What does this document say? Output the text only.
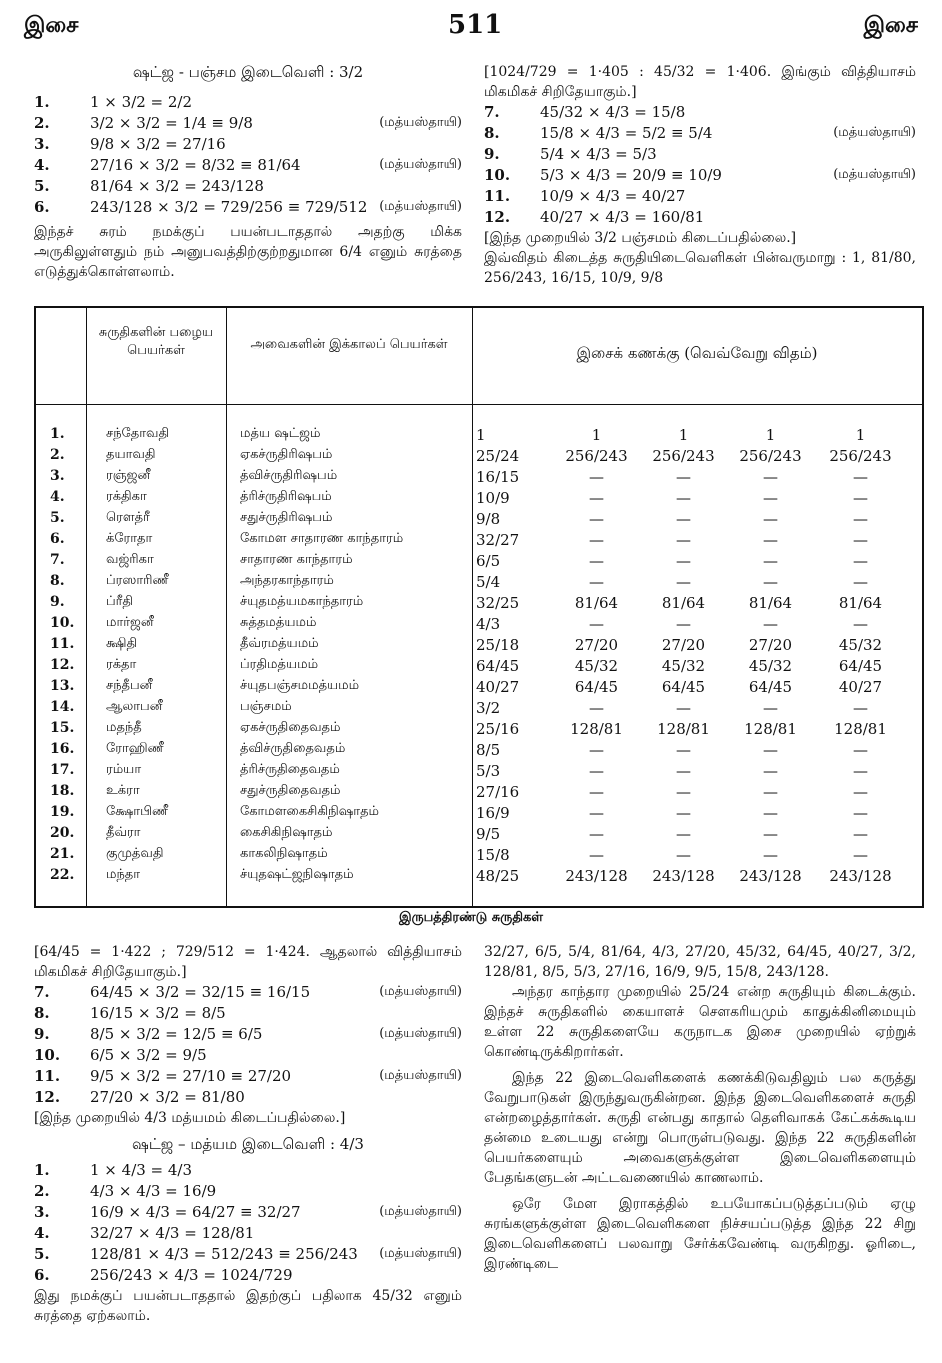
இசை	511	இசை
ஷட்ஜ - பஞ்சம இடைவெளி : 3/2
1.	1 × 3/2 = 2/2
2.	3/2 × 3/2 = 1/4 ≡ 9/8	(மத்யஸ்தாயி)
3.	9/8 × 3/2 = 27/16
4.	27/16 × 3/2 = 8/32 ≡ 81/64	(மத்யஸ்தாயி)
5.	81/64 × 3/2 = 243/128
6.	243/128 × 3/2 = 729/256 ≡ 729/512 (மத்யஸ்தாயி)
இந்தச் சுரம் நமக்குப் பயன்படாததால் அதற்கு மிக்க அருகிலுள்ளதும் நம் அனுபவத்திற்குற்றதுமான 6/4 எனும் சுரத்தை எடுத்துக்கொள்ளலாம்.
[1024/729 = 1·405 : 45/32 = 1·406. இங்கும் வித்தியாசம் மிகமிகச் சிறிதேயாகும்.]
7.	45/32 × 4/3 = 15/8
8.	15/8 × 4/3 = 5/2 ≡ 5/4	(மத்யஸ்தாயி)
9.	5/4 × 4/3 = 5/3
10. 5/3 × 4/3 = 20/9 ≡ 10/9	(மத்யஸ்தாயி)
11. 10/9 × 4/3 = 40/27
12. 40/27 × 4/3 = 160/81
[இந்த முறையில் 3/2 பஞ்சமம் கிடைப்பதில்லை.]
இவ்விதம் கிடைத்த சுருதியிடைவெளிகள் பின்வருமாறு : 1, 81/80, 256/243, 16/15, 10/9, 9/8
சுருதிகளின் பழைய பெயர்கள்	அவைகளின் இக்காலப் பெயர்கள்	இசைக் கணக்கு (வெவ்வேறு விதம்)
1.	சந்தோவதி	மத்ய ஷட்ஜம்	1	1	1	1	1
2.	தயாவதி	ஏகச்ருதிரிஷபம்	25/24	256/243	256/243	256/243	256/243
3.	ரஞ்ஜனீ	த்விச்ருதிரிஷபம்	16/15	—	—	—	—
4.	ரக்திகா	த்ரிச்ருதிரிஷபம்	10/9	—	—	—	—
5.	ரௌத்ரீ	சதுச்ருதிரிஷபம்	9/8	—	—	—	—
6.	க்ரோதா	கோமள சாதாரண காந்தாரம்	32/27	—	—	—	—
7.	வஜ்ரிகா	சாதாரண காந்தாரம்	6/5	—	—	—	—
8.	ப்ரஸாரிணீ	அந்தரகாந்தாரம்	5/4	—	—	—	—
9.	ப்ரீதி	ச்யுதமத்யமகாந்தாரம்	32/25	81/64	81/64	81/64	81/64
10. மார்ஜனீ	சுத்தமத்யமம்	4/3	—	—	—	—
11. க்ஷிதி	தீவ்ரமத்யமம்	25/18	27/20	27/20	27/20	45/32
12. ரக்தா	ப்ரதிமத்யமம்	64/45	45/32	45/32	45/32	64/45
13. சந்தீபனீ	ச்யுதபஞ்சமமத்யமம்	40/27	64/45	64/45	64/45	40/27
14. ஆலாபனீ	பஞ்சமம்	3/2	—	—	—	—
15. மதந்தீ	ஏகச்ருதிதைவதம்	25/16	128/81	128/81	128/81	128/81
16. ரோஹிணீ	த்விச்ருதிதைவதம்	8/5	—	—	—	—
17. ரம்யா	த்ரிச்ருதிதைவதம்	5/3	—	—	—	—
18. உக்ரா	சதுச்ருதிதைவதம்	27/16	—	—	—	—
19. க்ஷோபிணீ	கோமளகைசிகிநிஷாதம்	16/9	—	—	—	—
20. தீவ்ரா	கைசிகிநிஷாதம்	9/5	—	—	—	—
21. குமுத்வதி	காகலிநிஷாதம்	15/8	—	—	—	—
22. மந்தா	ச்யுதஷட்ஜநிஷாதம்	48/25	243/128	243/128	243/128	243/128
இருபத்திரண்டு சுருதிகள்
[64/45 = 1·422 ; 729/512 = 1·424. ஆதலால் வித்தியாசம் மிகமிகச் சிறிதேயாகும்.]
7.	64/45 × 3/2 = 32/15 ≡ 16/15	(மத்யஸ்தாயி)
8.	16/15 × 3/2 = 8/5
9.	8/5 × 3/2 = 12/5 ≡ 6/5	(மத்யஸ்தாயி)
10. 6/5 × 3/2 = 9/5
11. 9/5 × 3/2 = 27/10 ≡ 27/20	(மத்யஸ்தாயி)
12. 27/20 × 3/2 = 81/80
[இந்த முறையில் 4/3 மத்யமம் கிடைப்பதில்லை.]
ஷட்ஜ – மத்யம இடைவெளி : 4/3
1.	1 × 4/3 = 4/3
2.	4/3 × 4/3 = 16/9
3.	16/9 × 4/3 = 64/27 ≡ 32/27	(மத்யஸ்தாயி)
4.	32/27 × 4/3 = 128/81
5.	128/81 × 4/3 = 512/243 ≡ 256/243 (மத்யஸ்தாயி)
6.	256/243 × 4/3 = 1024/729
இது நமக்குப் பயன்படாததால் இதற்குப் பதிலாக 45/32 எனும் சுரத்தை ஏற்கலாம்.
32/27, 6/5, 5/4, 81/64, 4/3, 27/20, 45/32, 64/45, 40/27, 3/2, 128/81, 8/5, 5/3, 27/16, 16/9, 9/5, 15/8, 243/128.
அந்தர காந்தார முறையில் 25/24 என்ற சுருதியும் கிடைக்கும். இந்தச் சுருதிகளில் கையாளச் சௌகரியமும் காதுக்கினிமையும் உள்ள 22 சுருதிகளையே கருநாடக இசை முறையில் ஏற்றுக் கொண்டிருக்கிறார்கள்.
இந்த 22 இடைவெளிகளைக் கணக்கிடுவதிலும் பல கருத்து வேறுபாடுகள் இருந்துவருகின்றன. இந்த இடைவெளிகளைச் சுருதி என்றழைத்தார்கள். சுருதி என்பது காதால் தெளிவாகக் கேட்கக்கூடிய தன்மை உடையது என்று பொருள்படுவது. இந்த 22 சுருதிகளின் பெயர்களையும் அவைகளுக்குள்ள இடைவெளிகளையும் பேதங்களுடன் அட்டவணையில் காணலாம்.
ஒரே மேள இராகத்தில் உபயோகப்படுத்தப்படும் ஏழு சுரங்களுக்குள்ள இடைவெளிகளை நிச்சயப்படுத்த இந்த 22 சிறு இடைவெளிகளைப் பலவாறு சேர்க்கவேண்டி வருகிறது. ஓரிடை, இரண்டிடை
